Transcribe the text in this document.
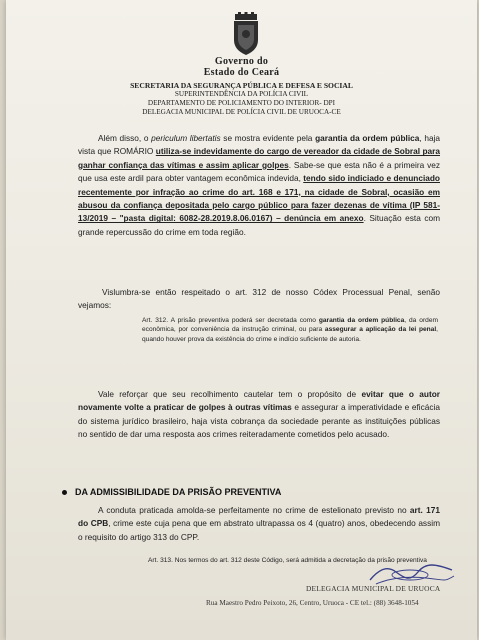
Governo do
Estado do Ceará
SECRETARIA DA SEGURANÇA PÚBLICA E DEFESA E SOCIAL
SUPERINTENDÊNCIA DA POLÍCIA CIVIL
DEPARTAMENTO DE POLICIAMENTO DO INTERIOR- DPI
DELEGACIA MUNICIPAL DE POLÍCIA CIVIL DE URUOCA-CE
Além disso, o periculum libertatis se mostra evidente pela garantia da ordem pública, haja vista que ROMÁRIO utiliza-se indevidamente do cargo de vereador da cidade de Sobral para ganhar confiança das vítimas e assim aplicar golpes. Sabe-se que esta não é a primeira vez que usa este ardil para obter vantagem econômica indevida, tendo sido indiciado e denunciado recentemente por infração ao crime do art. 168 e 171, na cidade de Sobral, ocasião em abusou da confiança depositada pelo cargo público para fazer dezenas de vítima (IP 581-13/2019 – "pasta digital: 6082-28.2019.8.06.0167) – denúncia em anexo. Situação esta com grande repercussão do crime em toda região.
Vislumbra-se então respeitado o art. 312 de nosso Códex Processual Penal, senão vejamos:
Art. 312. A prisão preventiva poderá ser decretada como garantia da ordem pública, da ordem econômica, por conveniência da instrução criminal, ou para assegurar a aplicação da lei penal, quando houver prova da existência do crime e indício suficiente de autoria.
Vale reforçar que seu recolhimento cautelar tem o propósito de evitar que o autor novamente volte a praticar de golpes à outras vítimas e assegurar a imperatividade e eficácia do sistema jurídico brasileiro, haja vista cobrança da sociedade perante as instituições públicas no sentido de dar uma resposta aos crimes reiteradamente cometidos pelo acusado.
DA ADMISSIBILIDADE DA PRISÃO PREVENTIVA
A conduta praticada amolda-se perfeitamente no crime de estelionato previsto no art. 171 do CPB, crime este cuja pena que em abstrato ultrapassa os 4 (quatro) anos, obedecendo assim o requisito do artigo 313 do CPP.
Art. 313. Nos termos do art. 312 deste Código, será admitida a decretação da prisão preventiva
DELEGACIA MUNICIPAL DE URUOCA
Rua Maestro Pedro Peixoto, 26, Centro, Uruoca - CE tel.: (88) 3648-1054
